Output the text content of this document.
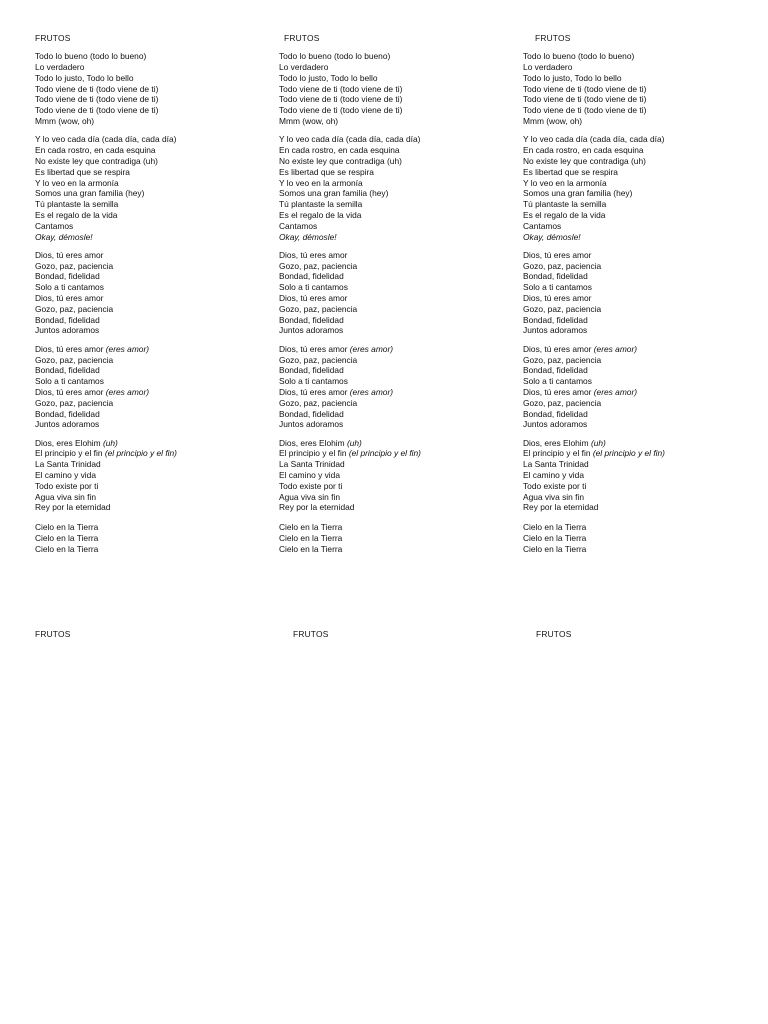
FRUTOS
Todo lo bueno (todo lo bueno)
Lo verdadero
Todo lo justo, Todo lo bello
Todo viene de ti (todo viene de ti)
Todo viene de ti (todo viene de ti)
Todo viene de ti (todo viene de ti)
Mmm (wow, oh)
Y lo veo cada día (cada día, cada día)
En cada rostro, en cada esquina
No existe ley que contradiga (uh)
Es libertad que se respira
Y lo veo en la armonía
Somos una gran familia (hey)
Tú plantaste la semilla
Es el regalo de la vida
Cantamos
Okay, démosle!
Dios, tú eres amor
Gozo, paz, paciencia
Bondad, fidelidad
Solo a ti cantamos
Dios, tú eres amor
Gozo, paz, paciencia
Bondad, fidelidad
Juntos adoramos
Dios, tú eres amor (eres amor)
Gozo, paz, paciencia
Bondad, fidelidad
Solo a ti cantamos
Dios, tú eres amor (eres amor)
Gozo, paz, paciencia
Bondad, fidelidad
Juntos adoramos
Dios, eres Elohim (uh)
El principio y el fin (el principio y el fin)
La Santa Trinidad
El camino y vida
Todo existe por ti
Agua viva sin fin
Rey por la eternidad
Cielo en la Tierra
Cielo en la Tierra
Cielo en la Tierra
FRUTOS
Todo lo bueno (todo lo bueno)
Lo verdadero
Todo lo justo, Todo lo bello
Todo viene de ti (todo viene de ti)
Todo viene de ti (todo viene de ti)
Todo viene de ti (todo viene de ti)
Mmm (wow, oh)
Y lo veo cada día (cada día, cada día)
En cada rostro, en cada esquina
No existe ley que contradiga (uh)
Es libertad que se respira
Y lo veo en la armonía
Somos una gran familia (hey)
Tú plantaste la semilla
Es el regalo de la vida
Cantamos
Okay, démosle!
Dios, tú eres amor
Gozo, paz, paciencia
Bondad, fidelidad
Solo a ti cantamos
Dios, tú eres amor
Gozo, paz, paciencia
Bondad, fidelidad
Juntos adoramos
Dios, tú eres amor (eres amor)
Gozo, paz, paciencia
Bondad, fidelidad
Solo a ti cantamos
Dios, tú eres amor (eres amor)
Gozo, paz, paciencia
Bondad, fidelidad
Juntos adoramos
Dios, eres Elohim (uh)
El principio y el fin (el principio y el fin)
La Santa Trinidad
El camino y vida
Todo existe por ti
Agua viva sin fin
Rey por la eternidad
Cielo en la Tierra
Cielo en la Tierra
Cielo en la Tierra
FRUTOS
Todo lo bueno (todo lo bueno)
Lo verdadero
Todo lo justo, Todo lo bello
Todo viene de ti (todo viene de ti)
Todo viene de ti (todo viene de ti)
Todo viene de ti (todo viene de ti)
Mmm (wow, oh)
Y lo veo cada día (cada día, cada día)
En cada rostro, en cada esquina
No existe ley que contradiga (uh)
Es libertad que se respira
Y lo veo en la armonía
Somos una gran familia (hey)
Tú plantaste la semilla
Es el regalo de la vida
Cantamos
Okay, démosle!
Dios, tú eres amor
Gozo, paz, paciencia
Bondad, fidelidad
Solo a ti cantamos
Dios, tú eres amor
Gozo, paz, paciencia
Bondad, fidelidad
Juntos adoramos
Dios, tú eres amor (eres amor)
Gozo, paz, paciencia
Bondad, fidelidad
Solo a ti cantamos
Dios, tú eres amor (eres amor)
Gozo, paz, paciencia
Bondad, fidelidad
Juntos adoramos
Dios, eres Elohim (uh)
El principio y el fin (el principio y el fin)
La Santa Trinidad
El camino y vida
Todo existe por ti
Agua viva sin fin
Rey por la eternidad
Cielo en la Tierra
Cielo en la Tierra
Cielo en la Tierra
FRUTOS	FRUTOS	FRUTOS
